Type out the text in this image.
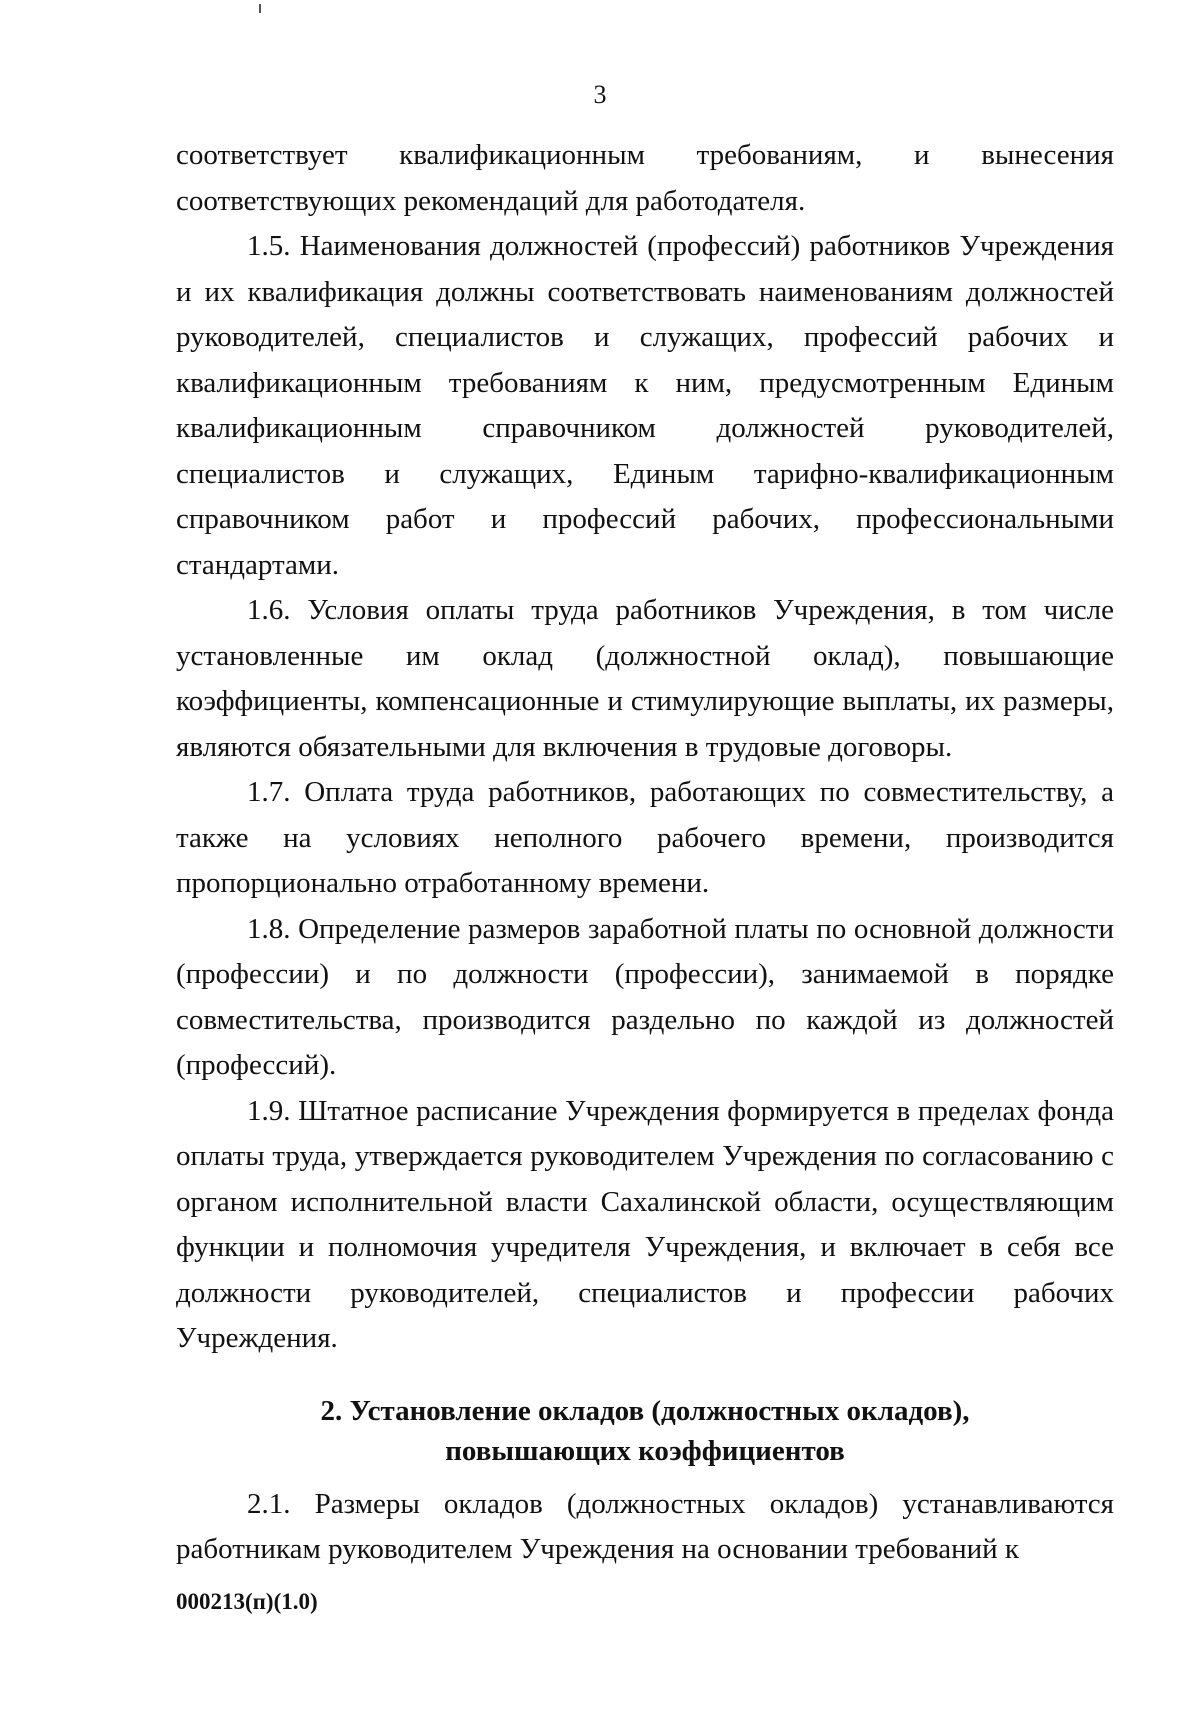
3

соответствует квалификационным требованиям, и вынесения соответствующих рекомендаций для работодателя.

1.5. Наименования должностей (профессий) работников Учреждения и их квалификация должны соответствовать наименованиям должностей руководителей, специалистов и служащих, профессий рабочих и квалификационным требованиям к ним, предусмотренным Единым квалификационным справочником должностей руководителей, специалистов и служащих, Единым тарифно-квалификационным справочником работ и профессий рабочих, профессиональными стандартами.

1.6. Условия оплаты труда работников Учреждения, в том числе установленные им оклад (должностной оклад), повышающие коэффициенты, компенсационные и стимулирующие выплаты, их размеры, являются обязательными для включения в трудовые договоры.

1.7. Оплата труда работников, работающих по совместительству, а также на условиях неполного рабочего времени, производится пропорционально отработанному времени.

1.8. Определение размеров заработной платы по основной должности (профессии) и по должности (профессии), занимаемой в порядке совместительства, производится раздельно по каждой из должностей (профессий).

1.9. Штатное расписание Учреждения формируется в пределах фонда оплаты труда, утверждается руководителем Учреждения по согласованию с органом исполнительной власти Сахалинской области, осуществляющим функции и полномочия учредителя Учреждения, и включает в себя все должности руководителей, специалистов и профессии рабочих Учреждения.

2. Установление окладов (должностных окладов),
повышающих коэффициентов

2.1. Размеры окладов (должностных окладов) устанавливаются работникам руководителем Учреждения на основании требований к

000213(п)(1.0)
